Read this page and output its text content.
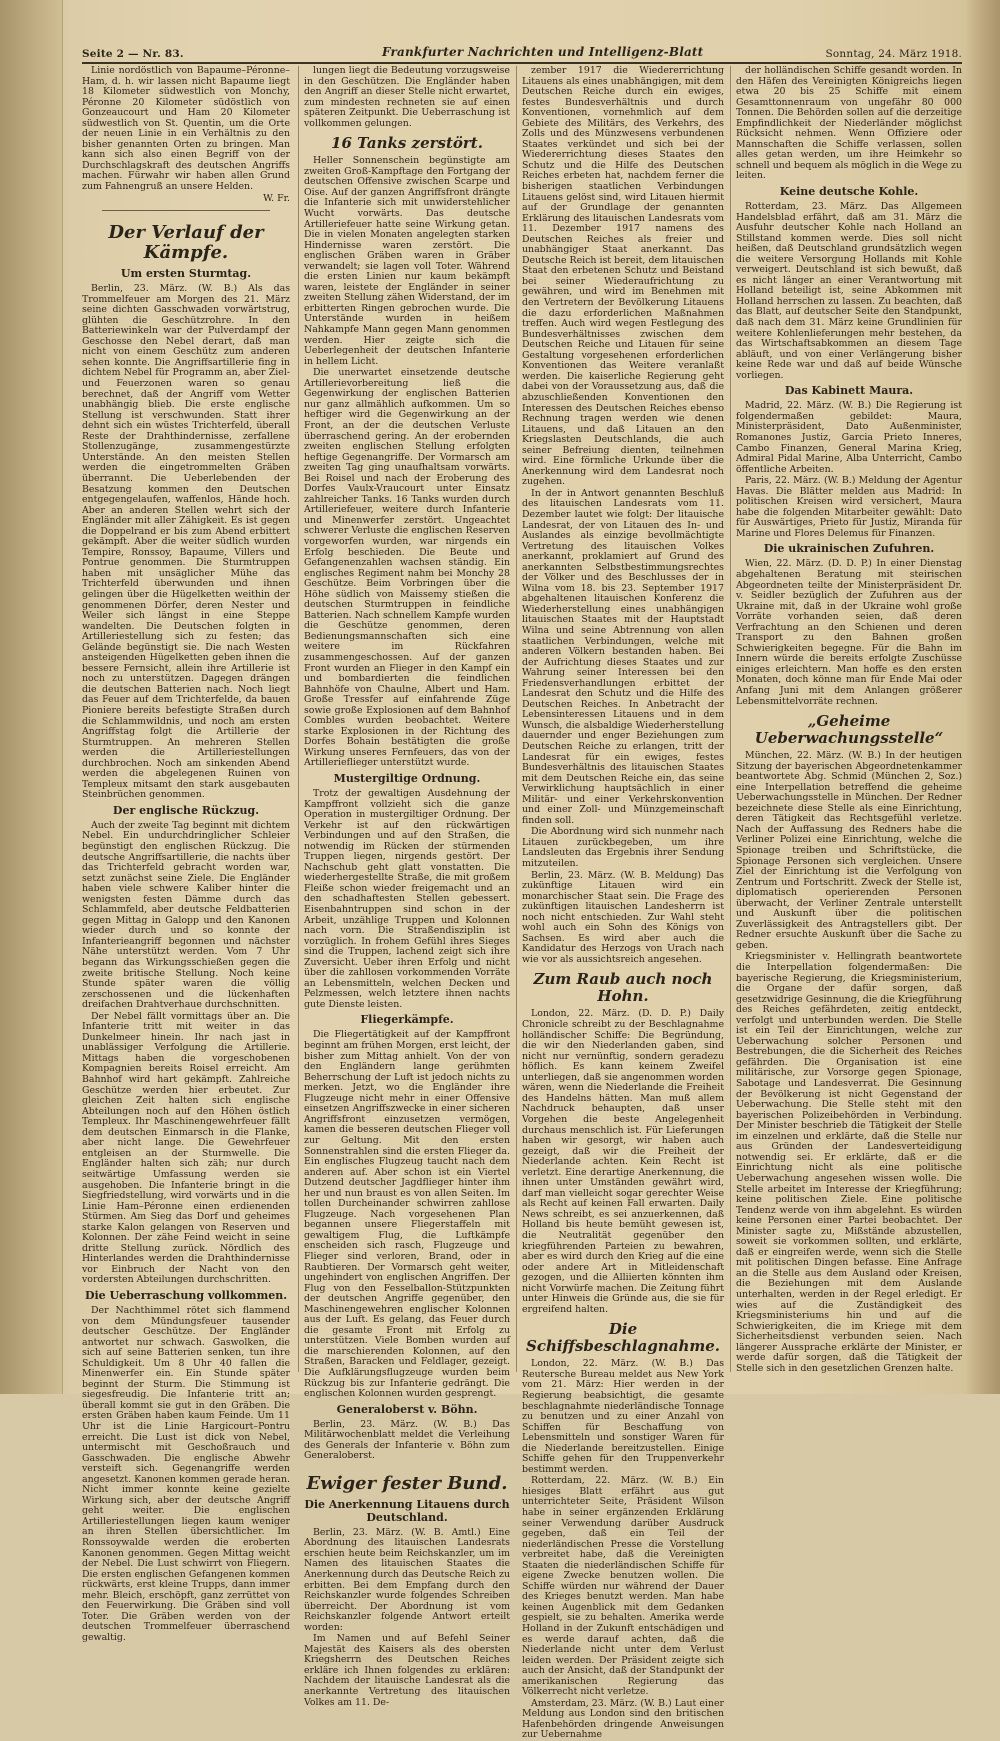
Seite 2 — Nr. 83.	Frankfurter Nachrichten und Intelligenz-Blatt	Sonntag, 24. März 1918.

Linie nordöstlich von Bapaume–Péronne–Ham, d. h. wir lassen nicht Bapaume liegt 18 Kilometer südwestlich von Monchy, Péronne 20 Kilometer südöstlich von Gonzeaucourt und Ham 20 Kilometer südwestlich von St. Quentin, um die Orte der neuen Linie in ein Verhältnis zu den bisher genannten Orten zu bringen. Man kann sich also einen Begriff von der Durchschlagskraft des deutschen Angriffs machen. Fürwahr wir haben allen Grund zum Fahnengruß an unsere Helden.

W. Fr.

Der Verlauf der Kämpfe.
Um ersten Sturmtag.

Berlin, 23. März. (W. B.) Als das Trommelfeuer am Morgen des 21. März seine dichten Gasschwaden vorwärtstrug, glühten die Geschützrohre. In den Batteriewinkeln war der Pulverdampf der Geschosse den Nebel derart, daß man nicht von einem Geschütz zum anderen sehen konnte. Die Angriffsartillerie fing in dichtem Nebel für Programm an, aber Ziel- und Feuerzonen waren so genau berechnet, daß der Angriff vom Wetter unabhängig blieb. Die erste englische Stellung ist verschwunden. Statt ihrer dehnt sich ein wüstes Trichterfeld, überall Reste der Drahthindernisse, zerfallene Stollenzugänge, zusammengestürzte Unterstände. An den meisten Stellen werden die eingetrommelten Gräben überrannt. Die Ueberlebenden der Besatzung kommen den Deutschen entgegengelaufen, waffenlos, Hände hoch. Aber an anderen Stellen wehrt sich der Engländer mit aller Zähigkeit. Es ist gegen die Doppelrand er bis zum Abend erbittert gekämpft. Aber die weiter südlich wurden Tempire, Ronssoy, Bapaume, Villers und Pontrue genommen. Die Sturmtruppen haben mit unsäglicher Mühe das Trichterfeld überwunden und ihnen gelingen über die Hügelketten weithin der genommenen Dörfer, deren Nester und Weiler sich längst in eine Steppe wandelten. Die Deutschen folgten in Artilleriestellung sich zu festen; das Gelände begünstigt sie. Die nach Westen ansteigenden Hügelketten geben ihnen die bessere Fernsicht, allein ihre Artillerie ist noch zu unterstützen. Dagegen drängen die deutschen Batterien nach. Noch liegt das Feuer auf dem Trichterfelde, da bauen Pioniere bereits befestigte Straßen durch die Schlammwildnis, und noch am ersten Angriffstag folgt die Artillerie der Sturmtruppen. An mehreren Stellen werden die Artilleriestellungen durchbrochen. Noch am sinkenden Abend werden die abgelegenen Ruinen von Templeux mitsamt den stark ausgebauten Steinbrüchen genommen.

Der englische Rückzug.

Auch der zweite Tag beginnt mit dichtem Nebel. Ein undurchdringlicher Schleier begünstigt den englischen Rückzug. Die deutsche Angriffsartillerie, die nachts über das Trichterfeld gebracht worden war, setzt zunächst seine Ziele. Die Engländer haben viele schwere Kaliber hinter die wenigsten festen Dämme durch das Schlammfeld, aber deutsche Feldbatterien gegen Mittag in Galopp und den Kanonen wieder durch und so konnte der Infanterieangriff begonnen und nächster Nähe unterstützt werden. Vom 7 Uhr begann das Wirkungsschießen gegen die zweite britische Stellung. Noch keine Stunde später waren die völlig zerschossenen und die lückenhaften dreifachen Drahtverhaue durchschnitten.

Der Nebel fällt vormittags über an. Die Infanterie tritt mit weiter in das Dunkelmeer hinein. Ihr nach jast in unablässiger Verfolgung die Artillerie. Mittags haben die vorgeschobenen Kompagnien bereits Roisel erreicht. Am Bahnhof wird hart gekämpft. Zahlreiche Geschütze werden hier erbeutet. Zur gleichen Zeit halten sich englische Abteilungen noch auf den Höhen östlich Templeux. Ihr Maschinengewehrfeuer fällt dem deutschen Einmarsch in die Flanke, aber nicht lange. Die Gewehrfeuer entgleisen an der Sturmwelle. Die Engländer halten sich zäh; nur durch seitwärtige Umfassung werden sie ausgehoben. Die Infanterie bringt in die Siegfriedstellung, wird vorwärts und in die Linie Ham–Péronne einen erdienenden Stürmen. Am Sieg das Dorf und geheimes starke Kalon gelangen von Reserven und Kolonnen. Der zähe Feind weicht in seine dritte Stellung zurück. Nördlich des Hinterlandes werden die Drahthindernisse vor Einbruch der Nacht von den vordersten Abteilungen durchschritten.

Die Ueberraschung vollkommen.

Der Nachthimmel rötet sich flammend von dem Mündungsfeuer tausender deutscher Geschütze. Der Engländer antwortet nur schwach. Gaswolken, die sich auf seine Batterien senken, tun ihre Schuldigkeit. Um 8 Uhr 40 fallen die Minenwerfer ein. Ein Stunde später beginnt der Sturm. Die Stimmung ist siegesfreudig. Die Infanterie tritt an; überall kommt sie gut in den Gräben. Die ersten Gräben haben kaum Feinde. Um 11 Uhr ist die Linie Hargicourt–Pontru erreicht. Die Lust ist dick von Nebel, untermischt mit Geschoßrauch und Gasschwaden. Die englische Abwehr versteift sich. Gegenangriffe werden angesetzt. Kanonen kommen gerade heran. Nicht immer konnte keine gezielte Wirkung sich, aber der deutsche Angriff geht weiter. Die englischen Artilleriestellungen liegen kaum weniger an ihren Stellen übersichtlicher. Im Ronssoywalde werden die eroberten Kanonen genommen. Gegen Mittag weicht der Nebel. Die Lust schwirrt von Fliegern. Die ersten englischen Gefangenen kommen rückwärts, erst kleine Trupps, dann immer mehr. Bleich, erschöpft, ganz zerrüttet von den Feuerwirkung. Die Gräben sind voll Toter. Die Gräben werden von der deutschen Trommelfeuer überraschend gewaltig.

lungen liegt die Bedeutung vorzugsweise in den Geschützen. Die Engländer haben den Angriff an dieser Stelle nicht erwartet, zum mindesten rechneten sie auf einen späteren Zeitpunkt. Die Ueberraschung ist vollkommen gelungen.

16 Tanks zerstört.

Heller Sonnenschein begünstigte am zweiten Groß-Kampftage den Fortgang der deutschen Offensive zwischen Scarpe und Oise. Auf der ganzen Angriffsfront drängte die Infanterie sich mit unwiderstehlicher Wucht vorwärts. Das deutsche Artilleriefeuer hatte seine Wirkung getan. Die in vielen Monaten angelegten starken Hindernisse waren zerstört. Die englischen Gräben waren in Gräber verwandelt; sie lagen voll Toter. Während die ersten Linien nur kaum bekämpft waren, leistete der Engländer in seiner zweiten Stellung zähen Widerstand, der im erbitterten Ringen gebrochen wurde. Die Unterstände wurden in heißem Nahkampfe Mann gegen Mann genommen werden. Hier zeigte sich die Ueberlegenheit der deutschen Infanterie in hellem Licht.

Die unerwartet einsetzende deutsche Artillerievorbereitung ließ die Gegenwirkung der englischen Batterien nur ganz allmählich aufkommen. Um so heftiger wird die Gegenwirkung an der Front, an der die deutschen Verluste überraschend gering. An der erobernden zweiten englischen Stellung erfolgten heftige Gegenangriffe. Der Vormarsch am zweiten Tag ging unaufhaltsam vorwärts. Bei Roisel und nach der Eroberung des Dorfes Vaulx-Vraucourt unter Einsatz zahlreicher Tanks. 16 Tanks wurden durch Artilleriefeuer, weitere durch Infanterie und Minenwerfer zerstört. Ungeachtet schwerer Verluste die englischen Reserven vorgeworfen wurden, war nirgends ein Erfolg beschieden. Die Beute und Gefangenenzahlen wachsen ständig. Ein englisches Regiment nahm bei Monchy 28 Geschütze. Beim Vorbringen über die Höhe südlich von Maissemy stießen die deutschen Sturmtruppen in feindliche Batterien. Nach schnellem Kampfe wurden die Geschütze genommen, deren Bedienungsmannschaften sich eine weitere im Rückfahren zusammengeschossen. Auf der ganzen Front wurden an Flieger in den Kampf ein und bombardierten die feindlichen Bahnhöfe von Chaulne, Albert und Ham. Große Tressfer auf einfahrende Züge sowie große Explosionen auf dem Bahnhof Combles wurden beobachtet. Weitere starke Explosionen in der Richtung des Dorfes Bohain bestätigten die große Wirkung unseres Fernfeuers, das von der Artillerieflieger unterstützt wurde.

Mustergiltige Ordnung.

Trotz der gewaltigen Ausdehnung der Kampffront vollzieht sich die ganze Operation in mustergiltiger Ordnung. Der Verkehr ist auf den rückwärtigen Verbindungen und auf den Straßen, die notwendig im Rücken der stürmenden Truppen liegen, nirgends gestört. Der Nachschub geht glatt vonstatten. Die wiederhergestellte Straße, die mit großem Fleiße schon wieder freigemacht und an den schadhaftesten Stellen gebessert. Eisenbahntruppen sind schon in der Arbeit, unzählige Truppen und Kolonnen nach vorn. Die Straßendisziplin ist vorzüglich. In frohem Gefühl ihres Sieges sind die Truppen, lachend zeigt sich ihre Zuversicht. Ueber ihren Erfolg und nicht über die zahllosen vorkommenden Vorräte an Lebensmitteln, welchen Decken und Pelzmessen, welch letztere ihnen nachts gute Dienste leisten.

Fliegerkämpfe.

Die Fliegertätigkeit auf der Kampffront beginnt am frühen Morgen, erst leicht, der bisher zum Mittag anhielt. Von der von den Engländern lange gerühmten Beherrschung der Luft ist jedoch nichts zu merken. Jetzt, wo die Engländer ihre Flugzeuge nicht mehr in einer Offensive einsetzen Angriffszwecke in einer sicheren Angriffsfront einzusetzen vermögen, kamen die besseren deutschen Flieger voll zur Geltung. Mit den ersten Sonnenstrahlen sind die ersten Flieger da. Ein englisches Flugzeug taucht nach dem anderen auf. Aber schon ist ein Viertel Dutzend deutscher Jagdflieger hinter ihm her und nun braust es von allen Seiten. Im tollen Durcheinander schwirren zahllose Flugzeuge. Nach vorgesehenen Plan begannen unsere Fliegerstaffeln mit gewaltigem Flug, die Luftkämpfe enscheiden sich rasch, Flugzeuge und Flieger sind verloren, Brand, oder in Raubtieren. Der Vormarsch geht weiter, ungehindert von englischen Angriffen. Der Flug von den Fesselballon-Stützpunkten der deutschen Angriffe gegenüber, den Maschinengewehren englischer Kolonnen aus der Luft. Es gelang, das Feuer durch die gesamte Front mit Erfolg zu unterstützen. Viele Bomben wurden auf die marschierenden Kolonnen, auf den Straßen, Baracken und Feldlager, gezeigt. Die Aufklärungsflugzeuge wurden beim Rückzug bis zur Infanterie gedrängt. Die englischen Kolonnen wurden gesprengt.

Generaloberst v. Böhn.

Berlin, 23. März. (W. B.) Das Militärwochenblatt meldet die Verleihung des Generals der Infanterie v. Böhn zum Generaloberst.

Ewiger fester Bund.
Die Anerkennung Litauens durch Deutschland.

Berlin, 23. März. (W. B. Amtl.) Eine Abordnung des litauischen Landesrats erschien heute beim Reichskanzler, um im Namen des litauischen Staates die Anerkennung durch das Deutsche Reich zu erbitten. Bei dem Empfang durch den Reichskanzler wurde folgendes Schreiben überreicht. Der Abordnung ist vom Reichskanzler folgende Antwort erteilt worden:

Im Namen und auf Befehl Seiner Majestät des Kaisers als des obersten Kriegsherrn des Deutschen Reiches erkläre ich Ihnen folgendes zu erklären: Nachdem der litauische Landesrat als die anerkannte Vertretung des litauischen Volkes am 11. De-

zember 1917 die Wiedererrichtung Litauens als eines unabhängigen, mit dem Deutschen Reiche durch ein ewiges, festes Bundesverhältnis und durch Konventionen, vornehmlich auf dem Gebiete des Militärs, des Verkehrs, des Zolls und des Münzwesens verbundenen Staates verkündet und sich bei der Wiedererrichtung dieses Staates den Schutz und die Hilfe des Deutschen Reiches erbeten hat, nachdem ferner die bisherigen staatlichen Verbindungen Litauens gelöst sind, wird Litauen hiermit auf der Grundlage der genannten Erklärung des litauischen Landesrats vom 11. Dezember 1917 namens des Deutschen Reiches als freier und unabhängiger Staat anerkannt. Das Deutsche Reich ist bereit, dem litauischen Staat den erbetenen Schutz und Beistand bei seiner Wiederaufrichtung zu gewähren, und wird im Benehmen mit den Vertretern der Bevölkerung Litauens die dazu erforderlichen Maßnahmen treffen. Auch wird wegen Festlegung des Bundesverhältnisses zwischen dem Deutschen Reiche und Litauen für seine Gestaltung vorgesehenen erforderlichen Konventionen das Weitere veranlaßt werden. Die kaiserliche Regierung geht dabei von der Voraussetzung aus, daß die abzuschließenden Konventionen den Interessen des Deutschen Reiches ebenso Rechnung tragen werden wie denen Litauens, und daß Litauen an den Kriegslasten Deutschlands, die auch seiner Befreiung dienten, teilnehmen wird. Eine förmliche Urkunde über die Anerkennung wird dem Landesrat noch zugehen.

In der in Antwort genannten Beschluß des litauischen Landesrats vom 11. Dezember lautet wie folgt: Der litauische Landesrat, der von Litauen des In- und Auslandes als einzige bevollmächtigte Vertretung des litauischen Volkes anerkannt, proklamiert auf Grund des anerkannten Selbstbestimmungsrechtes der Völker und des Beschlusses der in Wilna vom 18. bis 23. September 1917 abgehaltenen litauischen Konferenz die Wiederherstellung eines unabhängigen litauischen Staates mit der Hauptstadt Wilna und seine Abtrennung von allen staatlichen Verbindungen, welche mit anderen Völkern bestanden haben. Bei der Aufrichtung dieses Staates und zur Wahrung seiner Interessen bei den Friedensverhandlungen erbittet der Landesrat den Schutz und die Hilfe des Deutschen Reiches. In Anbetracht der Lebensinteressen Litauens und in dem Wunsch, die alsbaldige Wiederherstellung dauernder und enger Beziehungen zum Deutschen Reiche zu erlangen, tritt der Landesrat für ein ewiges, festes Bundesverhältnis des litauischen Staates mit dem Deutschen Reiche ein, das seine Verwirklichung hauptsächlich in einer Militär- und einer Verkehrskonvention und einer Zoll- und Münzgemeinschaft finden soll.

Die Abordnung wird sich nunmehr nach Litauen zurückbegeben, um ihre Landsleuten das Ergebnis ihrer Sendung mitzuteilen.

Berlin, 23. März. (W. B. Meldung) Das zukünftige Litauen wird ein monarchischer Staat sein. Die Frage des zukünftigen litauischen Landesherrn ist noch nicht entschieden. Zur Wahl steht wohl auch ein Sohn des Königs von Sachsen. Es wird aber auch die Kandidatur des Herzogs von Urach nach wie vor als aussichtsreich angesehen.

Zum Raub auch noch Hohn.

London, 22. März. (D. D. P.) Daily Chronicle schreibt zu der Beschlagnahme holländischer Schiffe: Die Begründung, die wir den Niederlanden gaben, sind nicht nur vernünftig, sondern geradezu höflich. Es kann keinem Zweifel unterliegen, daß sie angenommen worden wären, wenn die Niederlande die Freiheit des Handelns hätten. Man muß allem Nachdruck behaupten, daß unser Vorgehen die beste Angelegenheit durchaus menschlich ist. Für Lieferungen haben wir gesorgt, wir haben auch gezeigt, daß wir die Freiheit der Niederlande achten. Kein Recht ist verletzt. Eine derartige Anerkennung, die ihnen unter Umständen gewährt wird, darf man vielleicht sogar gerechter Weise als Recht auf keinen Fall erwarten. Daily News schreibt, es sei anzuerkennen, daß Holland bis heute bemüht gewesen ist, die Neutralität gegenüber den kriegführenden Parteien zu bewahren, aber es wird durch den Krieg auf die eine oder andere Art in Mitleidenschaft gezogen, und die Alliierten könnten ihm nicht Vorwürfe machen. Die Zeitung führt unter Hinweis die Gründe aus, die sie für ergreifend halten.

Die Schiffsbeschlagnahme.

London, 22. März. (W. B.) Das Reutersche Bureau meldet aus New York vom 21. März: Hier werden in der Regierung beabsichtigt, die gesamte beschlagnahmte niederländische Tonnage zu benutzen und zu einer Anzahl von Schiffen für Beschaffung von Lebensmitteln und sonstiger Waren für die Niederlande bereitzustellen. Einige Schiffe gehen für den Truppenverkehr bestimmt werden.

Rotterdam, 22. März. (W. B.) Ein hiesiges Blatt erfährt aus gut unterrichteter Seite, Präsident Wilson habe in seiner ergänzenden Erklärung seiner Verwendung darüber Ausdruck gegeben, daß ein Teil der niederländischen Presse die Vorstellung verbreitet habe, daß die Vereinigten Staaten die niederländischen Schiffe für eigene Zwecke benutzen wollen. Die Schiffe würden nur während der Dauer des Krieges benutzt werden. Man habe keinen Augenblick mit dem Gedanken gespielt, sie zu behalten. Amerika werde Holland in der Zukunft entschädigen und es werde darauf achten, daß die Niederlande nicht unter dem Verlust leiden werden. Der Präsident zeigte sich auch der Ansicht, daß der Standpunkt der amerikanischen Regierung das Völkerrecht nicht verletze.

Amsterdam, 23. März. (W. B.) Laut einer Meldung aus London sind den britischen Hafenbehörden dringende Anweisungen zur Uebernahme

der holländischen Schiffe gesandt worden. In den Häfen des Vereinigten Königreichs liegen etwa 20 bis 25 Schiffe mit einem Gesamttonnenraum von ungefähr 80 000 Tonnen. Die Behörden sollen auf die derzeitige Empfindlichkeit der Niederländer möglichst Rücksicht nehmen. Wenn Offiziere oder Mannschaften die Schiffe verlassen, sollen alles getan werden, um ihre Heimkehr so schnell und bequem als möglich in die Wege zu leiten.

Keine deutsche Kohle.

Rotterdam, 23. März. Das Allgemeen Handelsblad erfährt, daß am 31. März die Ausfuhr deutscher Kohle nach Holland an Stillstand kommen werde. Dies soll nicht heißen, daß Deutschland grundsätzlich wegen die weitere Versorgung Hollands mit Kohle verweigert. Deutschland ist sich bewußt, daß es nicht länger an einer Verantwortung mit Holland beteiligt ist, seine Abkommen mit Holland herrschen zu lassen. Zu beachten, daß das Blatt, auf deutscher Seite den Standpunkt, daß nach dem 31. März keine Grundlinien für weitere Kohlenlieferungen mehr bestehen, da das Wirtschaftsabkommen an diesem Tage abläuft, und von einer Verlängerung bisher keine Rede war und daß auf beide Wünsche vorliegen.

Das Kabinett Maura.

Madrid, 22. März. (W. B.) Die Regierung ist folgendermaßen gebildet: Maura, Ministerpräsident, Dato Außenminister, Romanones Justiz, Garcia Prieto Inneres, Cambo Finanzen, General Marina Krieg, Admiral Pidal Marine, Alba Unterricht, Cambo öffentliche Arbeiten.

Paris, 22. März. (W. B.) Meldung der Agentur Havas. Die Blätter melden aus Madrid: In politischen Kreisen wird versichert, Maura habe die folgenden Mitarbeiter gewählt: Dato für Auswärtiges, Prieto für Justiz, Miranda für Marine und Flores Delemus für Finanzen.

Die ukrainischen Zufuhren.

Wien, 22. März. (D. D. P.) In einer Dienstag abgehaltenen Beratung mit steirischen Abgeordneten teilte der Ministerpräsident Dr. v. Seidler bezüglich der Zufuhren aus der Ukraine mit, daß in der Ukraine wohl große Vorräte vorhanden seien, daß deren Verfrachtung an den Schienen und deren Transport zu den Bahnen großen Schwierigkeiten begegne. Für die Bahn im Innern würde die bereits erfolgte Zuschüsse einiges erleichtern. Man hoffe es den ersten Monaten, doch könne man für Ende Mai oder Anfang Juni mit dem Anlangen größerer Lebensmittelvorräte rechnen.

„Geheime Ueberwachungsstelle“

München, 22. März. (W. B.) In der heutigen Sitzung der bayerischen Abgeordnetenkammer beantwortete Abg. Schmid (München 2, Soz.) eine Interpellation betreffend die geheime Ueberwachungsstelle in München. Der Redner bezeichnete diese Stelle als eine Einrichtung, deren Tätigkeit das Rechtsgefühl verletze. Nach der Auffassung des Redners habe die Verliner Polizei eine Einrichtung, welche die Spionage treiben und Schriftstücke, die Spionage Personen sich vergleichen. Unsere Ziel der Einrichtung ist die Verfolgung von Zentrum und Fortschritt. Zweck der Stelle ist, diplomatisch operierenden Personen überwacht, der Verliner Zentrale unterstellt und Auskunft über die politischen Zuverlässigkeit des Antragstellers gibt. Der Redner ersuchte Auskunft über die Sache zu geben.

Kriegsminister v. Hellingrath beantwortete die Interpellation folgendermaßen: Die bayerische Regierung, die Kriegsministerium, die Organe der dafür sorgen, daß gesetzwidrige Gesinnung, die die Kriegführung des Reiches gefährdeten, zeitig entdeckt, verfolgt und unterbunden werden. Die Stelle ist ein Teil der Einrichtungen, welche zur Ueberwachung solcher Personen und Bestrebungen, die die Sicherheit des Reiches gefährden. Die Organisation ist eine militärische, zur Vorsorge gegen Spionage, Sabotage und Landesverrat. Die Gesinnung der Bevölkerung ist nicht Gegenstand der Ueberwachung. Die Stelle steht mit den bayerischen Polizeibehörden in Verbindung. Der Minister beschrieb die Tätigkeit der Stelle im einzelnen und erklärte, daß die Stelle nur aus Gründen der Landesverteidigung notwendig sei. Er erklärte, daß er die Einrichtung nicht als eine politische Ueberwachung angesehen wissen wolle. Die Stelle arbeitet im Interesse der Kriegführung; keine politischen Ziele. Eine politische Tendenz werde von ihm abgelehnt. Es würden keine Personen einer Partei beobachtet. Der Minister sagte zu, Mißstände abzustellen, soweit sie vorkommen sollten, und erklärte, daß er eingreifen werde, wenn sich die Stelle mit politischen Dingen befasse. Eine Anfrage an die Stelle aus dem Ausland oder Kreisen, die Beziehungen mit dem Auslande unterhalten, werden in der Regel erledigt. Er wies auf die Zuständigkeit des Kriegsministeriums hin und auf die Schwierigkeiten, die im Kriege mit dem Sicherheitsdienst verbunden seien. Nach längerer Aussprache erklärte der Minister, er werde dafür sorgen, daß die Tätigkeit der Stelle sich in den gesetzlichen Grenzen halte.
